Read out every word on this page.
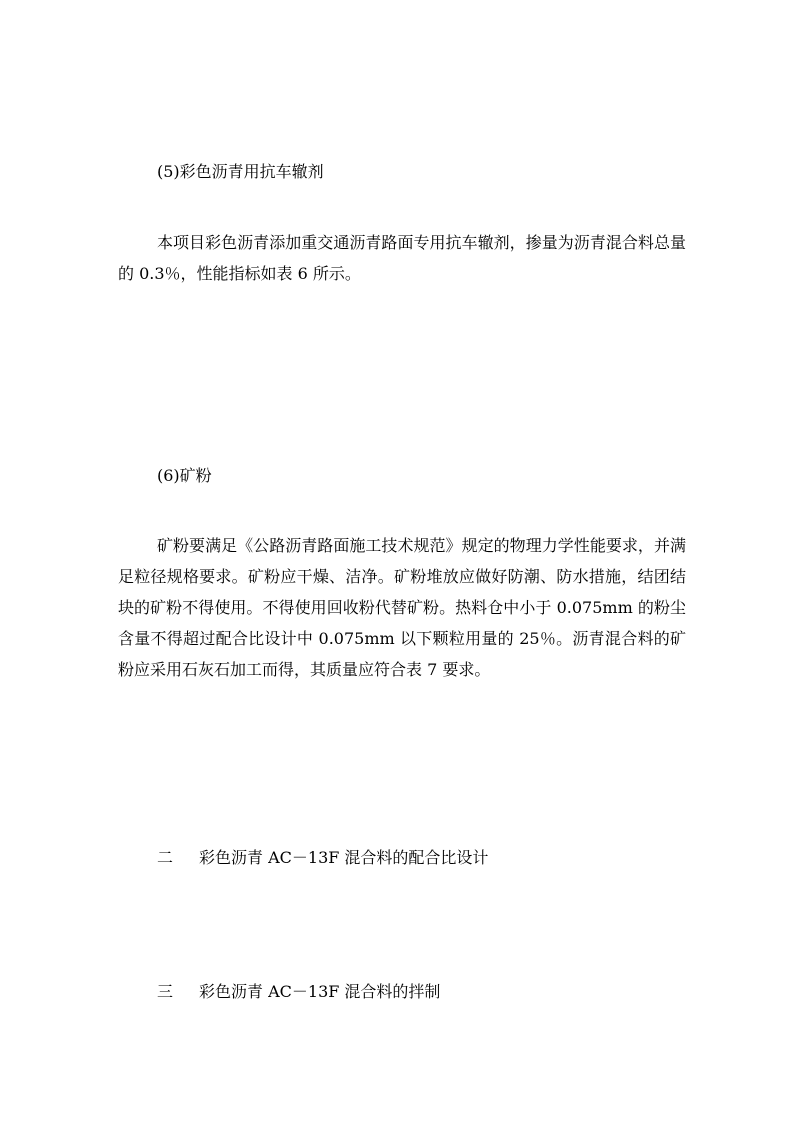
(5)彩色沥青用抗车辙剂

本项目彩色沥青添加重交通沥青路面专用抗车辙剂，掺量为沥青混合料总量的 0.3％，性能指标如表 6 所示。

(6)矿粉

矿粉要满足《公路沥青路面施工技术规范》规定的物理力学性能要求，并满足粒径规格要求。矿粉应干燥、洁净。矿粉堆放应做好防潮、防水措施，结团结块的矿粉不得使用。不得使用回收粉代替矿粉。热料仓中小于 0.075mm 的粉尘含量不得超过配合比设计中 0.075mm 以下颗粒用量的 25％。沥青混合料的矿粉应采用石灰石加工而得，其质量应符合表 7 要求。

二 彩色沥青 AC－13F 混合料的配合比设计
三 彩色沥青 AC－13F 混合料的拌制
